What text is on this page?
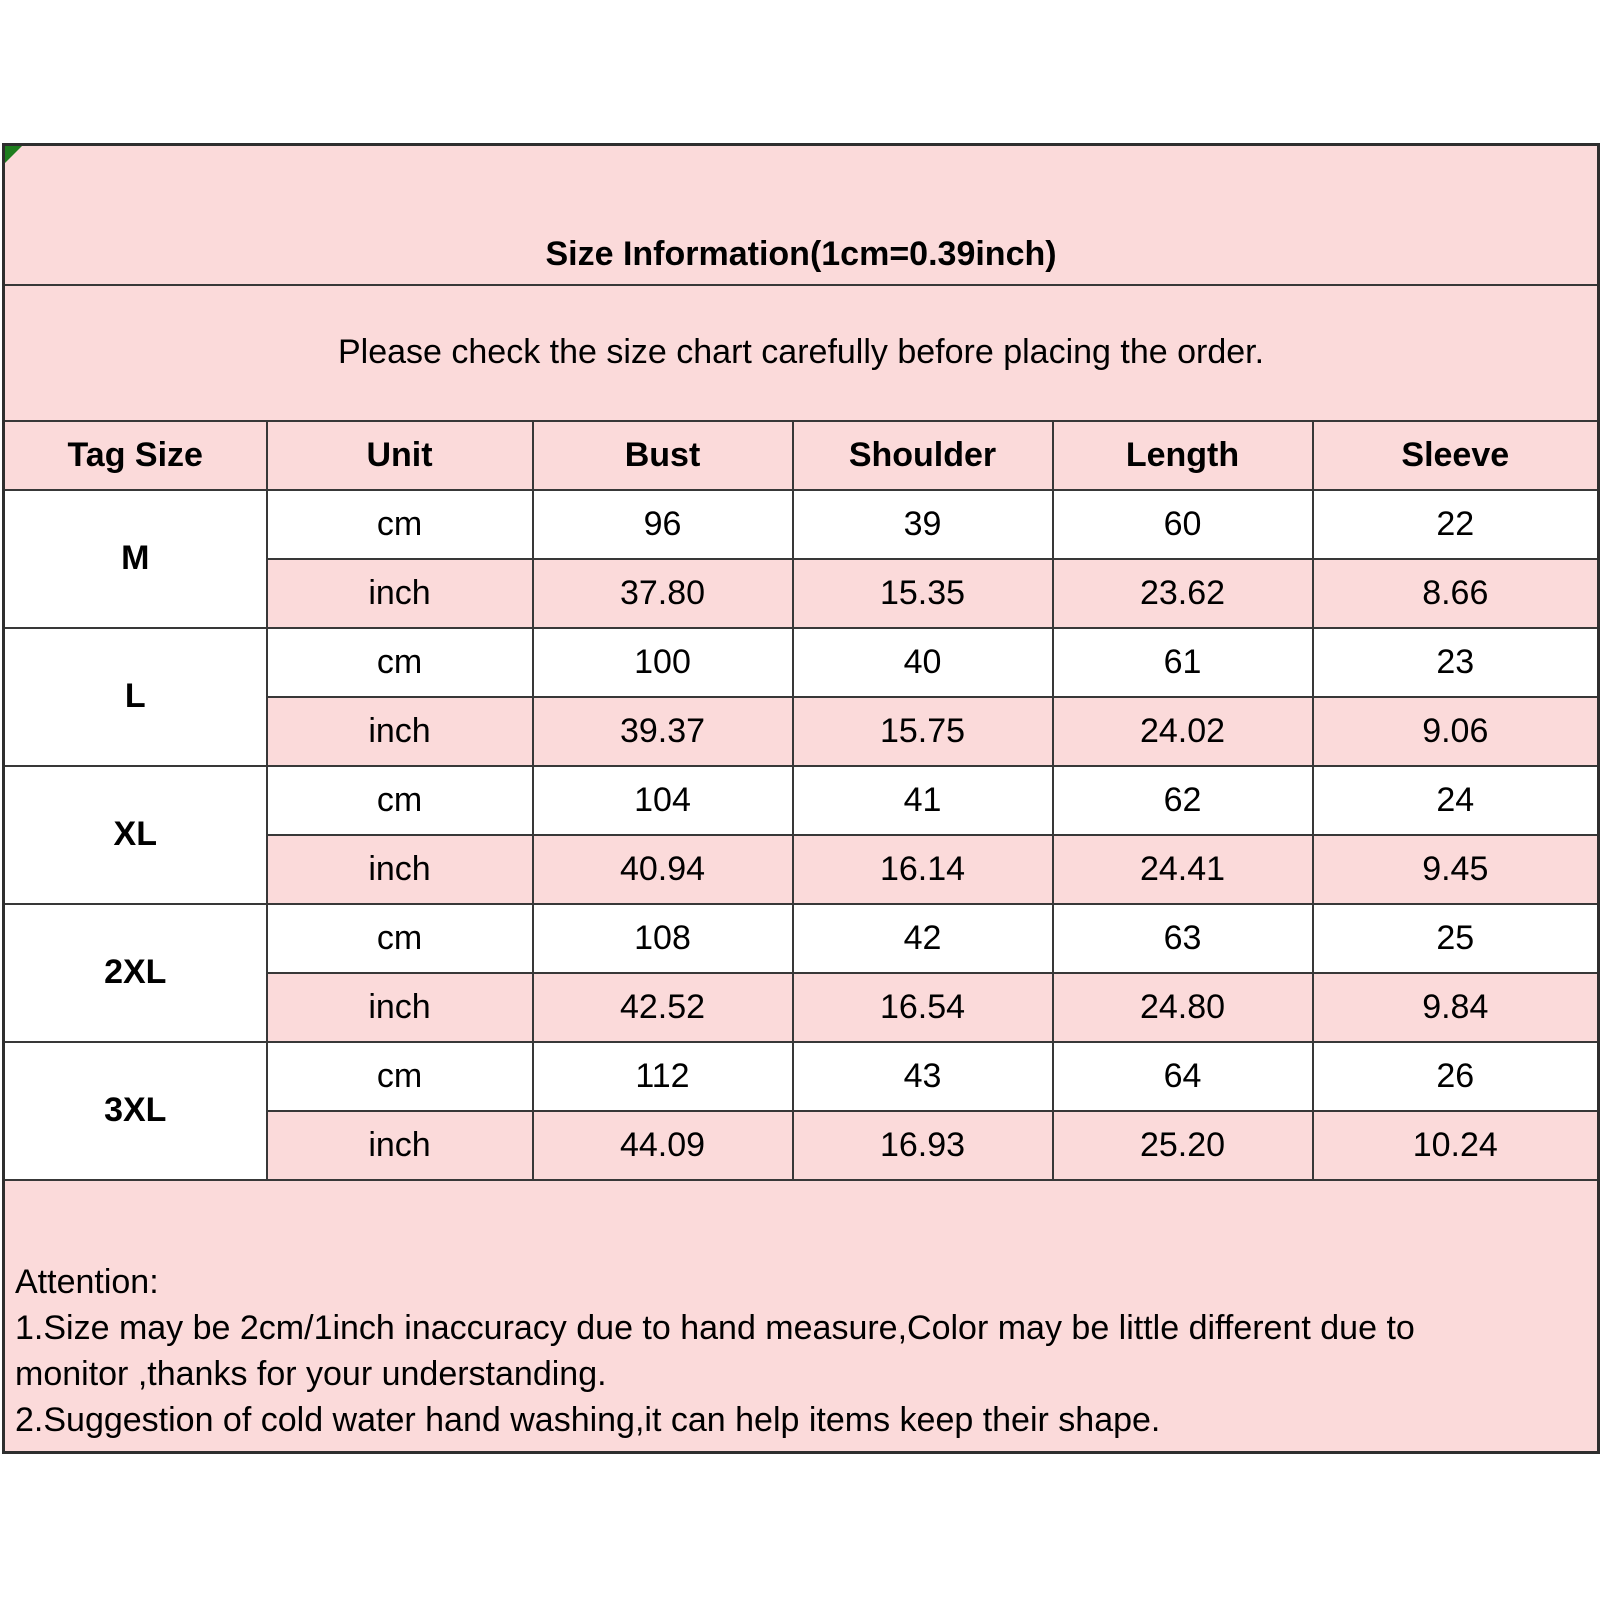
Size Information(1cm=0.39inch)					
Please check the size chart carefully before placing the order.					
Tag Size	Unit	Bust	Shoulder	Length	Sleeve
M	cm	96	39	60	22
	inch	37.80	15.35	23.62	8.66
L	cm	100	40	61	23
	inch	39.37	15.75	24.02	9.06
XL	cm	104	41	62	24
	inch	40.94	16.14	24.41	9.45
2XL	cm	108	42	63	25
	inch	42.52	16.54	24.80	9.84
3XL	cm	112	43	64	26
	inch	44.09	16.93	25.20	10.24

Attention:
1.Size may be 2cm/1inch inaccuracy due to hand measure,Color may be little different due to monitor ,thanks for your understanding.
2.Suggestion of cold water hand washing,it can help items keep their shape.					
